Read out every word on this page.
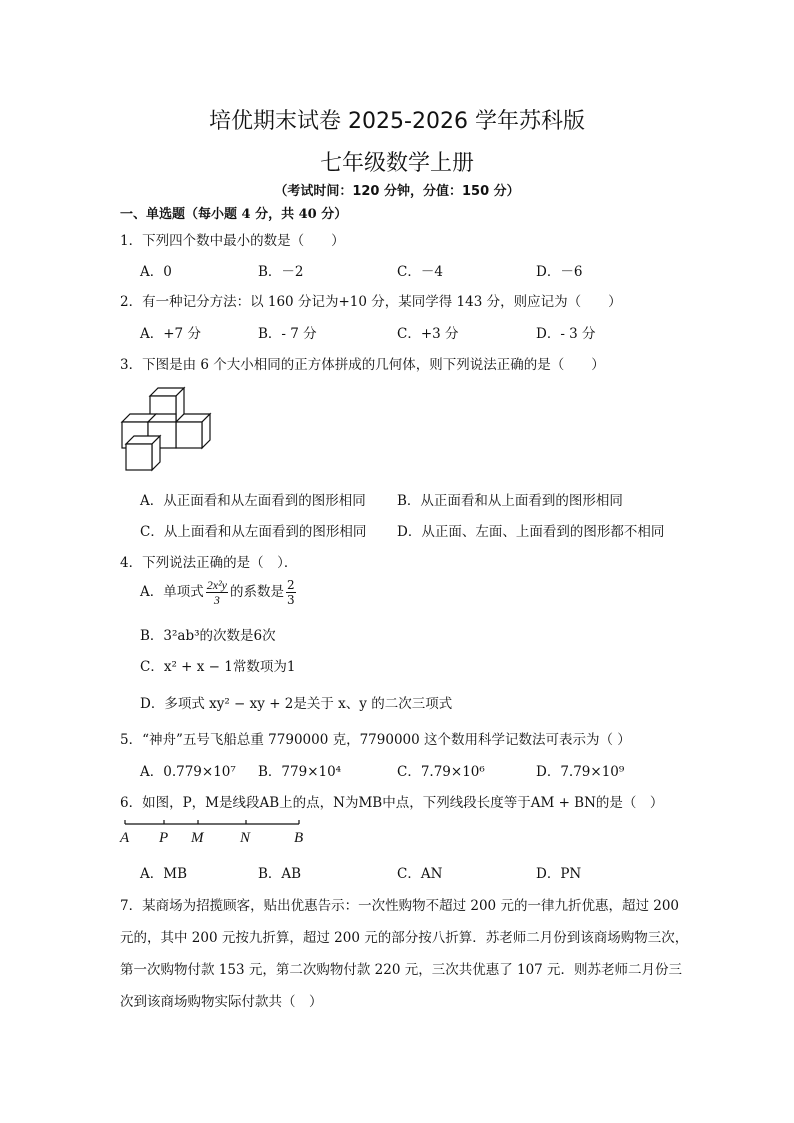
培优期末试卷 2025-2026 学年苏科版
七年级数学上册
（考试时间：120 分钟，分值：150 分）
一、单选题（每小题 4 分，共 40 分）
1．下列四个数中最小的数是（　　）
A．0	B．－2	C．－4	D．－6
2．有一种记分方法：以 160 分记为+10 分，某同学得 143 分，则应记为（　　）
A．+7 分	B．- 7 分	C．+3 分	D．- 3 分
3．下图是由 6 个大小相同的正方体拼成的几何体，则下列说法正确的是（　　）
A．从正面看和从左面看到的图形相同 B．从正面看和从上面看到的图形相同
C．从上面看和从左面看到的图形相同 D．从正面、左面、上面看到的图形都不相同
4．下列说法正确的是（　）．
A．单项式 $\frac{\text{2x²y}}{3}$ 的系数是 $\frac{2}{3}$
B．3²ab³的次数是6次
C．x² + x − 1常数项为1
D．多项式 xy² − xy + 2是关于 x、y 的二次三项式
5．“神舟”五号飞船总重 7790000 克，7790000 这个数用科学记数法可表示为（ ）
A．0.779×10⁷ B．779×10⁴	C．7.79×10⁶	D．7.79×10⁹
6．如图，P，M是线段AB上的点，N为MB中点，下列线段长度等于AM + BN的是（　）
A P M N	B
A．MB	B．AB	C．AN	D．PN
7．某商场为招揽顾客，贴出优惠告示：一次性购物不超过 200 元的一律九折优惠，超过 200
元的，其中 200 元按九折算，超过 200 元的部分按八折算．苏老师二月份到该商场购物三次，
第一次购物付款 153 元，第二次购物付款 220 元，三次共优惠了 107 元．则苏老师二月份三
次到该商场购物实际付款共（　）
